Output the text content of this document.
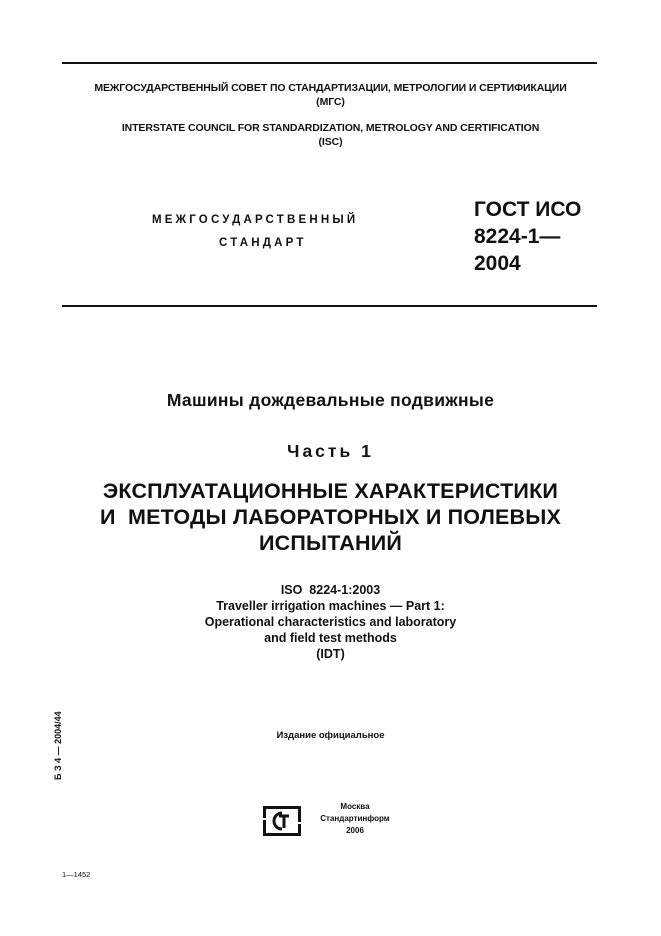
МЕЖГОСУДАРСТВЕННЫЙ СОВЕТ ПО СТАНДАРТИЗАЦИИ, МЕТРОЛОГИИ И СЕРТИФИКАЦИИ
(МГС)
INTERSTATE COUNCIL FOR STANDARDIZATION, METROLOGY AND CERTIFICATION
(ISC)
МЕЖГОСУДАРСТВЕННЫЙ
СТАНДАРТ
ГОСТ ИСО
8224-1—
2004
Машины дождевальные подвижные
Часть 1
ЭКСПЛУАТАЦИОННЫЕ ХАРАКТЕРИСТИКИ
И  МЕТОДЫ ЛАБОРАТОРНЫХ И ПОЛЕВЫХ
ИСПЫТАНИЙ
ISO  8224-1:2003
Traveller irrigation machines — Part 1:
Operational characteristics and laboratory
and field test methods
(IDT)
Издание официальное
Б З 4 — 2004/44
Москва
Стандартинформ
2006
1—1452
